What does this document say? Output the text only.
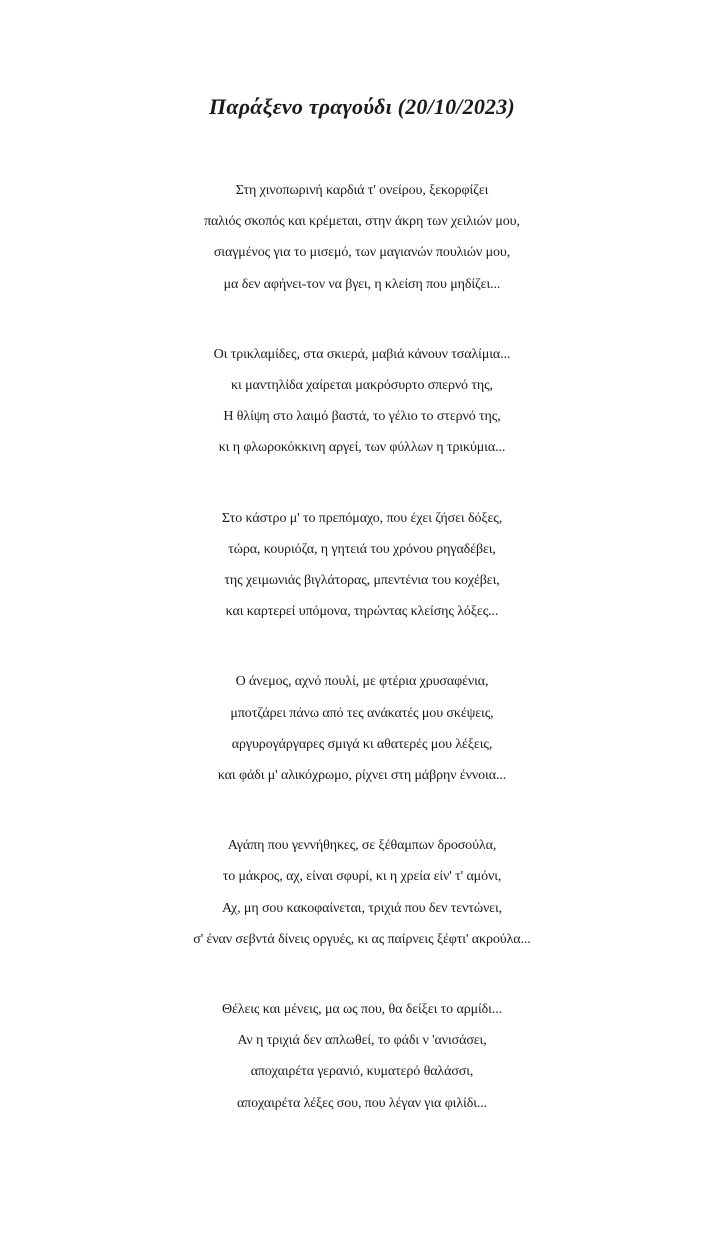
Παράξενο τραγούδι (20/10/2023)
Στη χινοπωρινή καρδιά τ' ονείρου, ξεκορφίζει
παλιός σκοπός και κρέμεται, στην άκρη των χειλιών μου,
σιαγμένος για το μισεμό, των μαγιανών πουλιών μου,
μα δεν αφήνει-τον να βγει, η κλείση που μηδίζει...
Οι τρικλαμίδες, στα σκιερά, μαβιά κάνουν τσαλίμια...
κι μαντηλίδα χαίρεται μακρόσυρτο σπερνό της,
Η θλίψη στο λαιμό βαστά, το γέλιο το στερνό της,
κι η φλωροκόκκινη αργεί, των φύλλων η τρικύμια...
Στο κάστρο μ' το πρεπόμαχο, που έχει ζήσει δόξες,
τώρα, κουριόζα, η γητειά του χρόνου ρηγαδέβει,
της χειμωνιάς βιγλάτορας, μπεντένια του κοχέβει,
και καρτερεί υπόμονα, τηρώντας κλείσης λόξες...
Ο άνεμος, αχνό πουλί, με φτέρια χρυσαφένια,
μποτζάρει πάνω από τες ανάκατές μου σκέψεις,
αργυρογάργαρες σμιγά κι αθατερές μου λέξεις,
και φάδι μ' αλικόχρωμο, ρίχνει στη μάβρην έννοια...
Αγάπη που γεννήθηκες, σε ξέθαμπων δροσούλα,
το μάκρος, αχ, είναι σφυρί, κι η χρεία είν' τ' αμόνι,
Αχ, μη σου κακοφαίνεται, τριχιά που δεν τεντώνει,
σ' έναν σεβντά δίνεις οργυές, κι ας παίρνεις ξέφτι' ακρούλα...
Θέλεις και μένεις, μα ως που, θα δείξει το αρμίδι...
Αν η τριχιά δεν απλωθεί, το φάδι ν 'ανισάσει,
αποχαιρέτα γερανιό, κυματερό θαλάσσι,
αποχαιρέτα λέξες σου, που λέγαν για φιλίδι...
